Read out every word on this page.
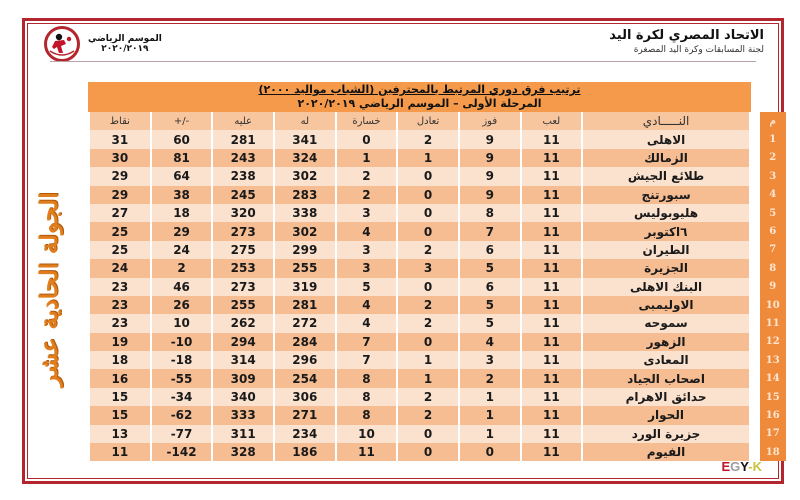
الاتحاد المصري لكرة اليد
لجنة المسابقات وكرة اليد المصغرة
الموسم الرياضي
٢٠٢٠/٢٠١٩
الجولة الحادية عشر
ترتيب فرق دوري المرتبط بالمحترفين (الشباب مواليد ٢٠٠٠)
المرحلة الأولى – الموسم الرياضي ٢٠٢٠/٢٠١٩
م		النـــــادي	لعب	فوز	تعادل	خسارة	له	عليه	+/-	نقاط
1		الاهلى	11	9	2	0	341	281	60	31
2		الزمالك	11	9	1	1	324	243	81	30
3		طلائع الجيش	11	9	0	2	302	238	64	29
4		سبورتنج	11	9	0	2	283	245	38	29
5		هليوبوليس	11	8	0	3	338	320	18	27
6		٦اكتوبر	11	7	0	4	302	273	29	25
7		الطيران	11	6	2	3	299	275	24	25
8		الجزيرة	11	5	3	3	255	253	2	24
9		البنك الاهلى	11	6	0	5	319	273	46	23
10		الاوليمبى	11	5	2	4	281	255	26	23
11		سموحه	11	5	2	4	272	262	10	23
12		الزهور	11	4	0	7	284	294	-10	19
13		المعادى	11	3	1	7	296	314	-18	18
14		اصحاب الجياد	11	2	1	8	254	309	-55	16
15		حدائق الاهرام	11	1	2	8	306	340	-34	15
16		الحوار	11	1	2	8	271	333	-62	15
17		جزيرة الورد	11	1	0	10	234	311	-77	13
18		الفيوم	11	0	0	11	186	328	-142	11
EGY-K
